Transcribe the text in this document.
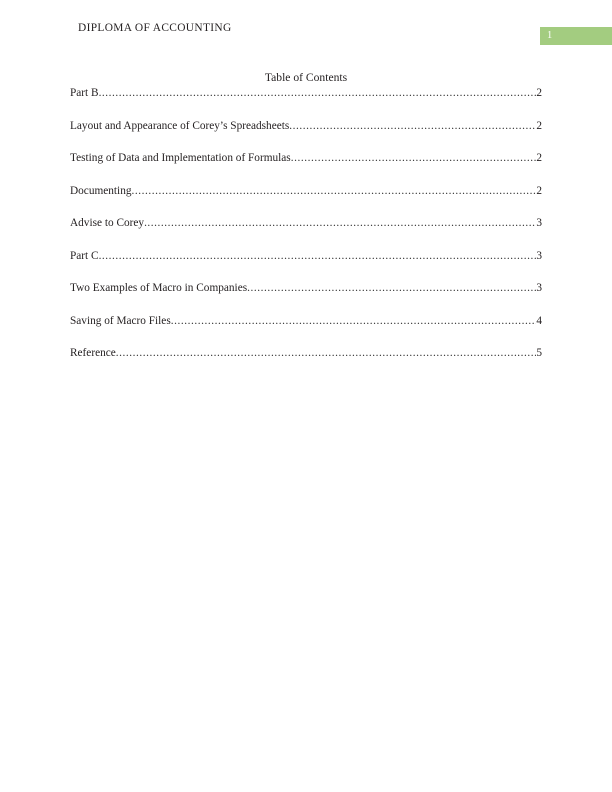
DIPLOMA OF ACCOUNTING
1
Table of Contents
Part B .....	2
Layout and Appearance of Corey’s Spreadsheets .....	2
Testing of Data and Implementation of Formulas .....	2
Documenting .....	2
Advise to Corey .....	3
Part C .....	3
Two Examples of Macro in Companies .....	3
Saving of Macro Files .....	4
Reference .....	5
